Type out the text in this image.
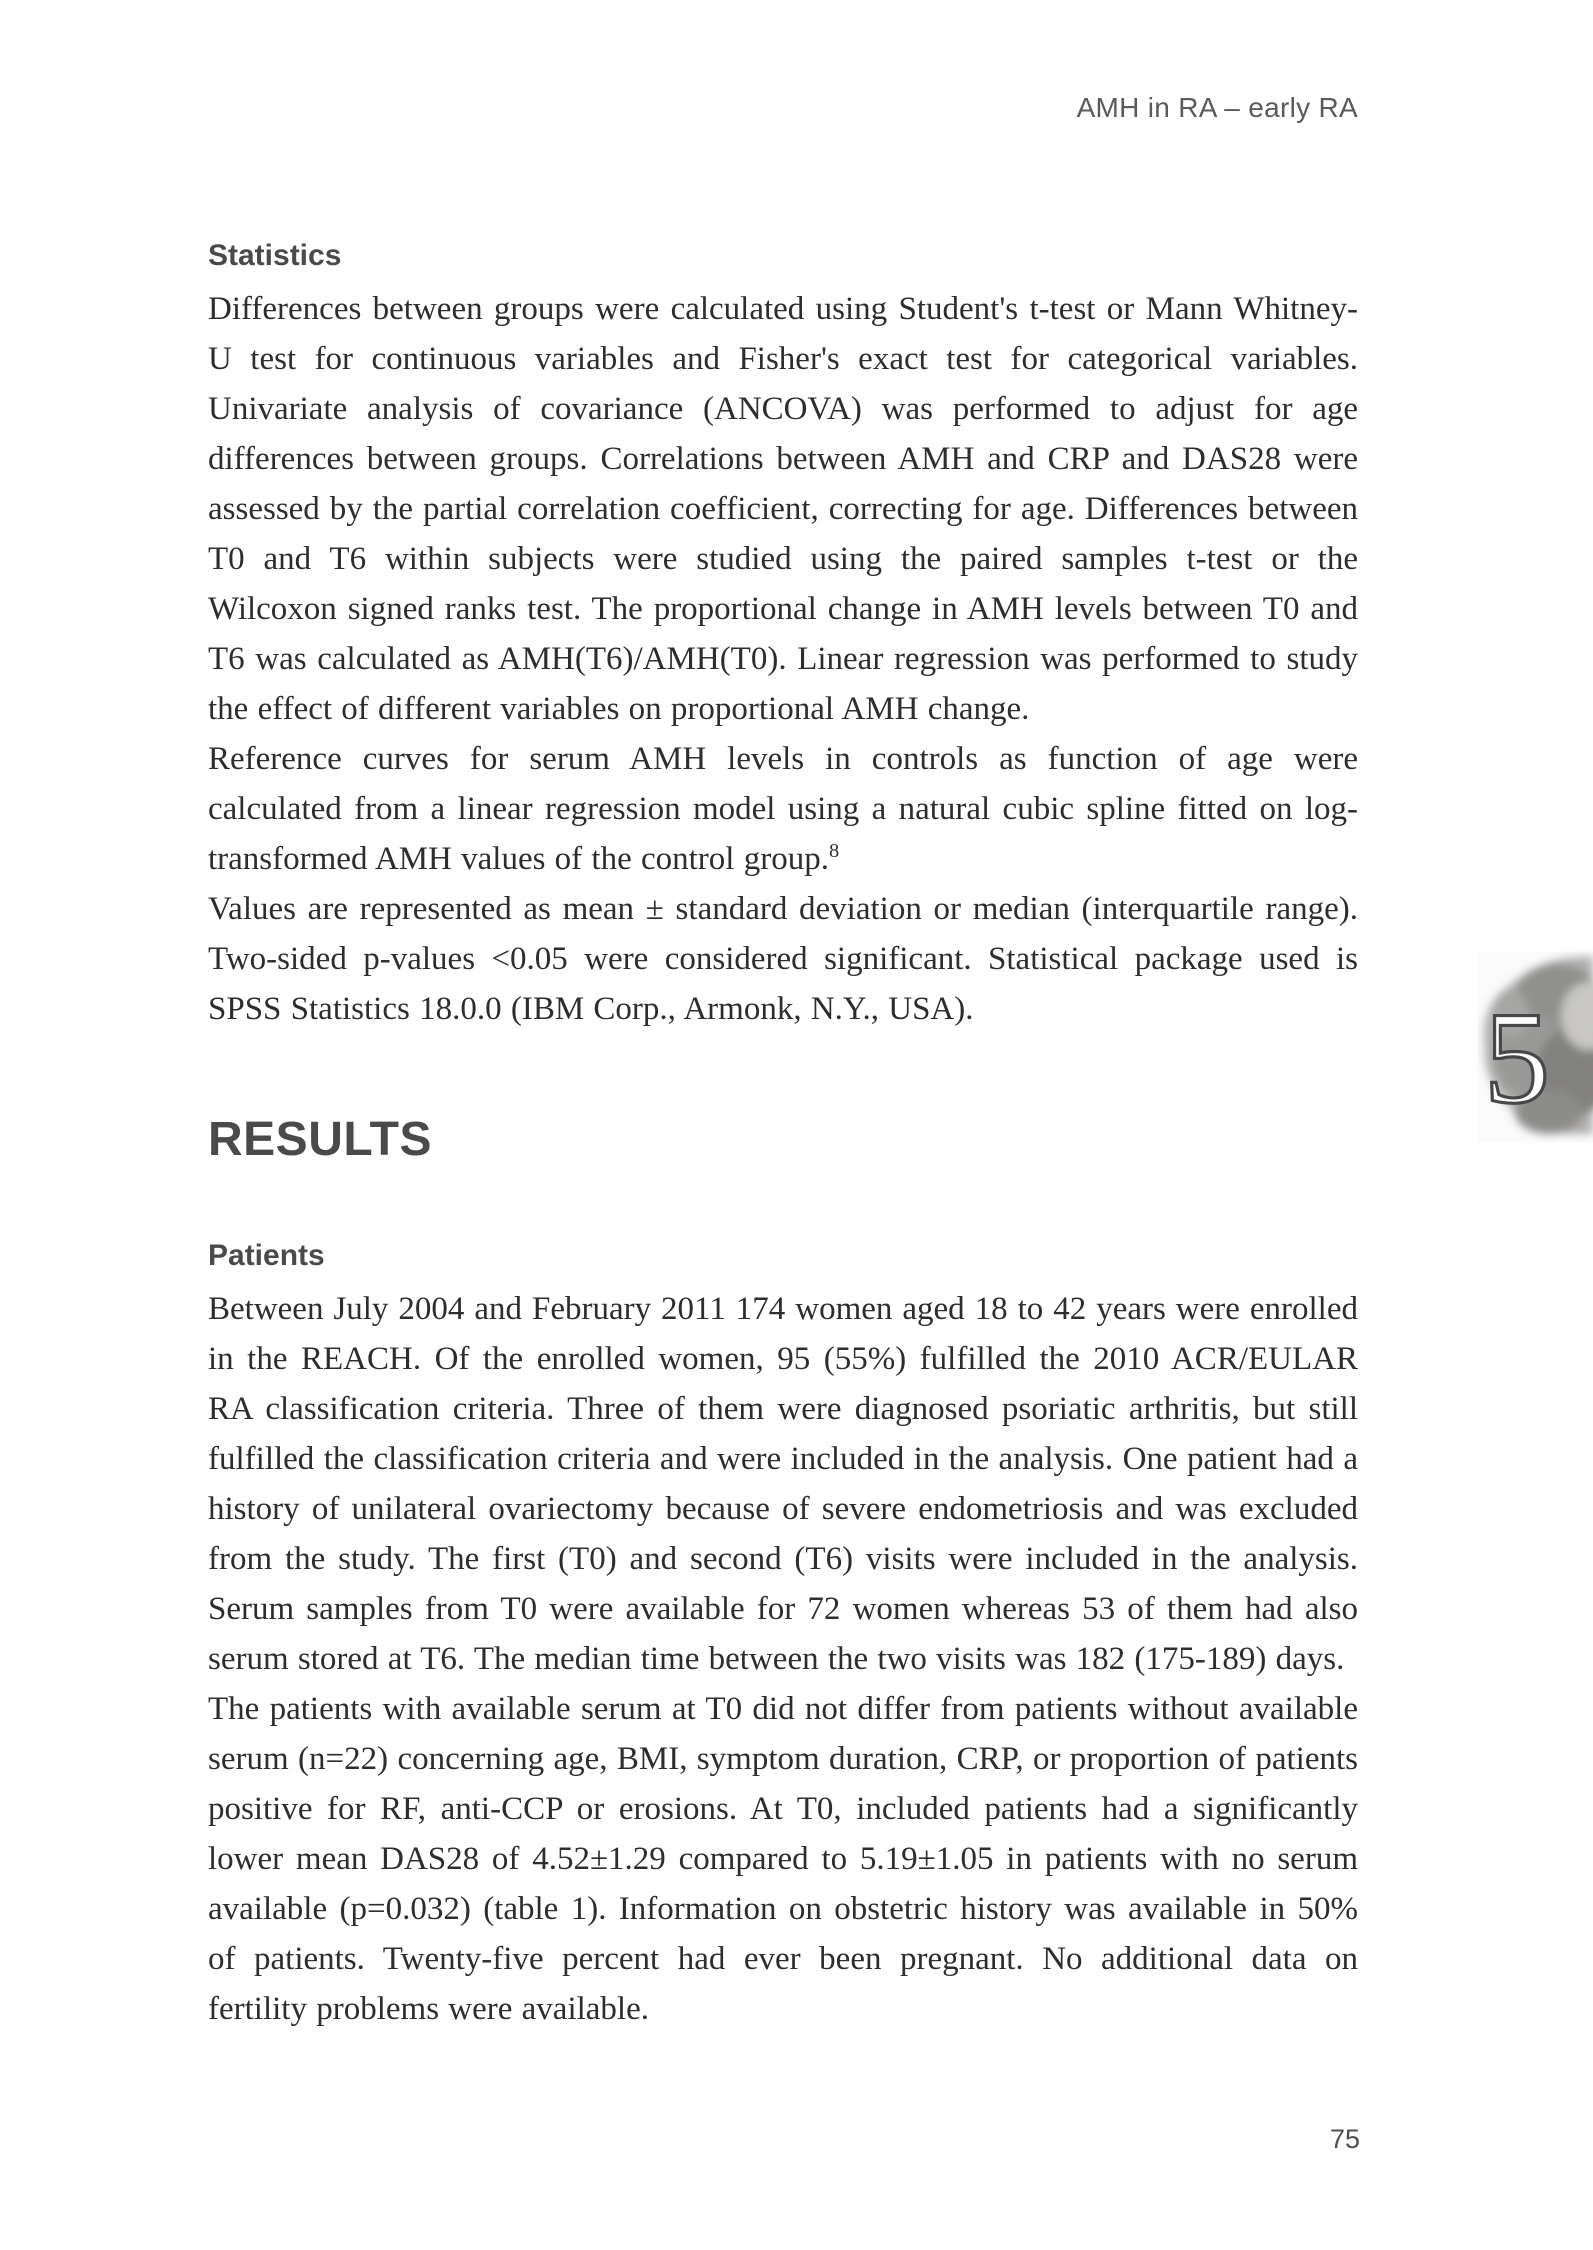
AMH in RA – early RA
Statistics

Differences between groups were calculated using Student's t-test or Mann Whitney-U test for continuous variables and Fisher's exact test for categorical variables. Univariate analysis of covariance (ANCOVA) was performed to adjust for age differences between groups. Correlations between AMH and CRP and DAS28 were assessed by the partial correlation coefficient, correcting for age. Differences between T0 and T6 within subjects were studied using the paired samples t-test or the Wilcoxon signed ranks test. The proportional change in AMH levels between T0 and T6 was calculated as AMH(T6)/AMH(T0). Linear regression was performed to study the effect of different variables on proportional AMH change.

Reference curves for serum AMH levels in controls as function of age were calculated from a linear regression model using a natural cubic spline fitted on log-transformed AMH values of the control group.$^8$

Values are represented as mean ± standard deviation or median (interquartile range). Two-sided p-values <0.05 were considered significant. Statistical package used is SPSS Statistics 18.0.0 (IBM Corp., Armonk, N.Y., USA).

RESULTS
5
Patients

Between July 2004 and February 2011 174 women aged 18 to 42 years were enrolled in the REACH. Of the enrolled women, 95 (55%) fulfilled the 2010 ACR/EULAR RA classification criteria. Three of them were diagnosed psoriatic arthritis, but still fulfilled the classification criteria and were included in the analysis. One patient had a history of unilateral ovariectomy because of severe endometriosis and was excluded from the study. The first (T0) and second (T6) visits were included in the analysis. Serum samples from T0 were available for 72 women whereas 53 of them had also serum stored at T6. The median time between the two visits was 182 (175-189) days.

The patients with available serum at T0 did not differ from patients without available serum (n=22) concerning age, BMI, symptom duration, CRP, or proportion of patients positive for RF, anti-CCP or erosions. At T0, included patients had a significantly lower mean DAS28 of 4.52±1.29 compared to 5.19±1.05 in patients with no serum available (p=0.032) (table 1). Information on obstetric history was available in 50% of patients. Twenty-five percent had ever been pregnant. No additional data on fertility problems were available.

75
